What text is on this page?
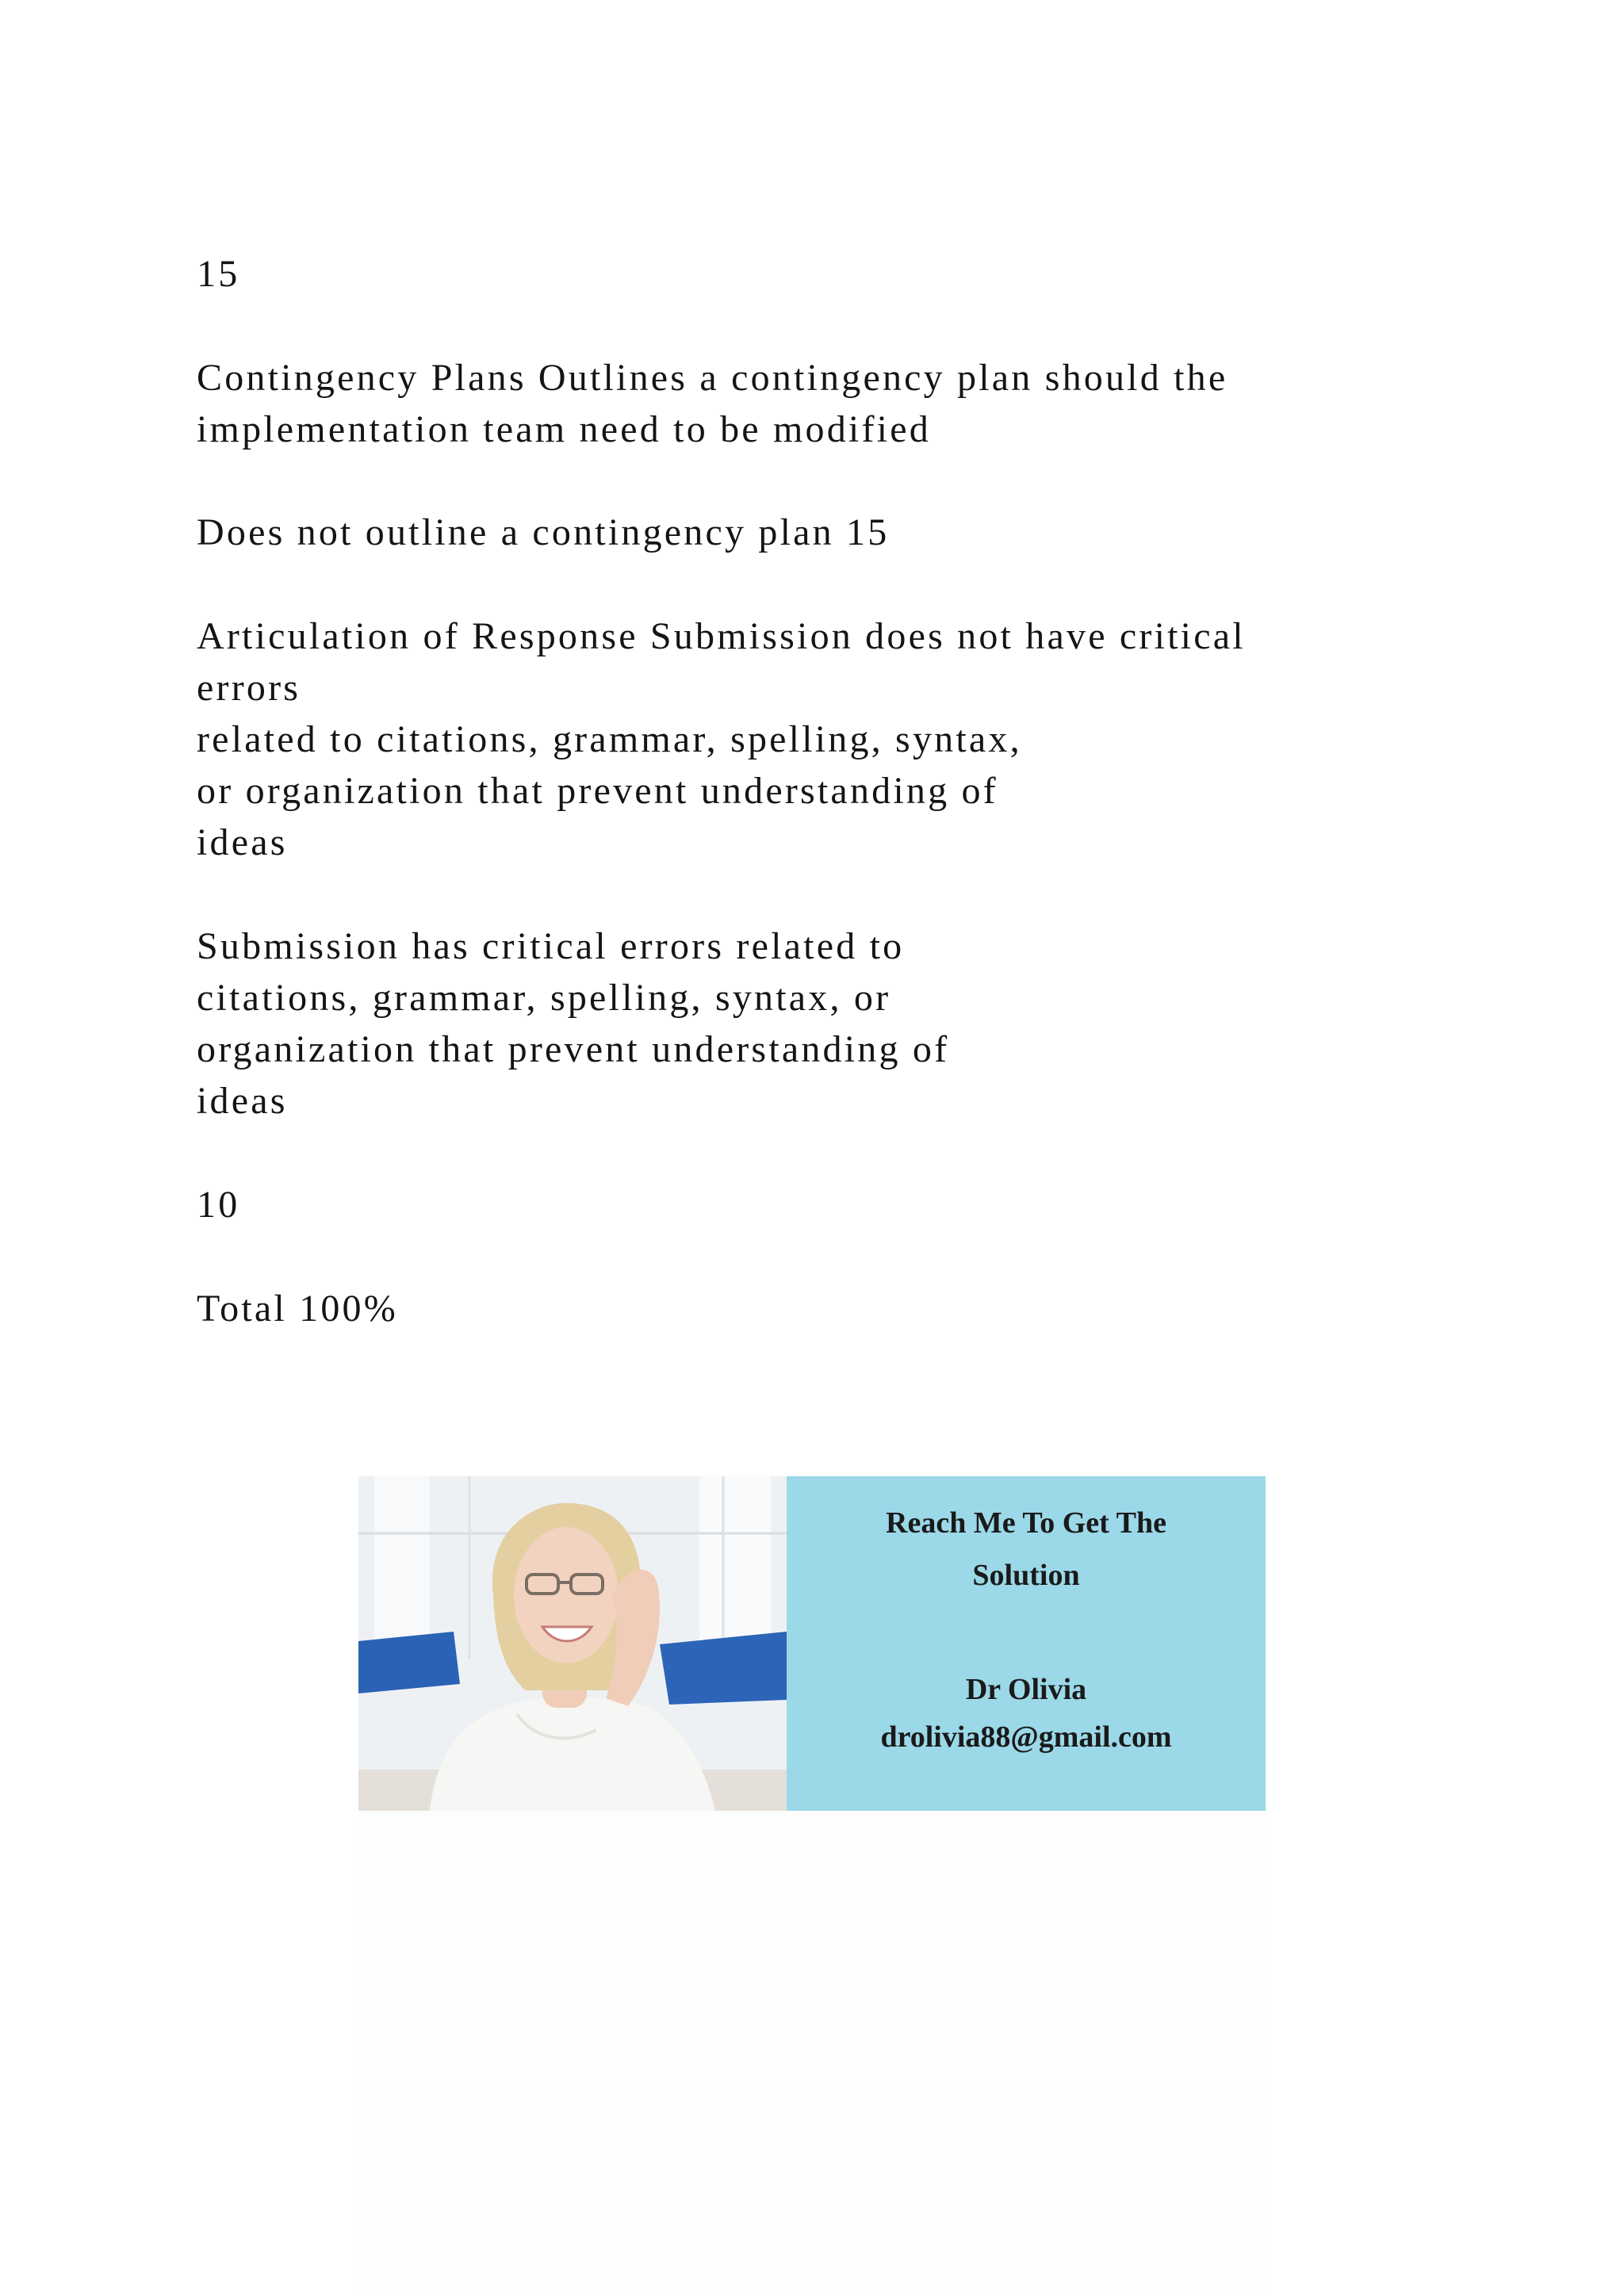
15
Contingency Plans Outlines a contingency plan should the
implementation team need to be modified
Does not outline a contingency plan 15
Articulation of Response Submission does not have critical
errors
related to citations, grammar, spelling, syntax,
or organization that prevent understanding of
ideas
Submission has critical errors related to
citations, grammar, spelling, syntax, or
organization that prevent understanding of
ideas
10
Total 100%
Reach Me To Get The
Solution
Dr Olivia
drolivia88@gmail.com
